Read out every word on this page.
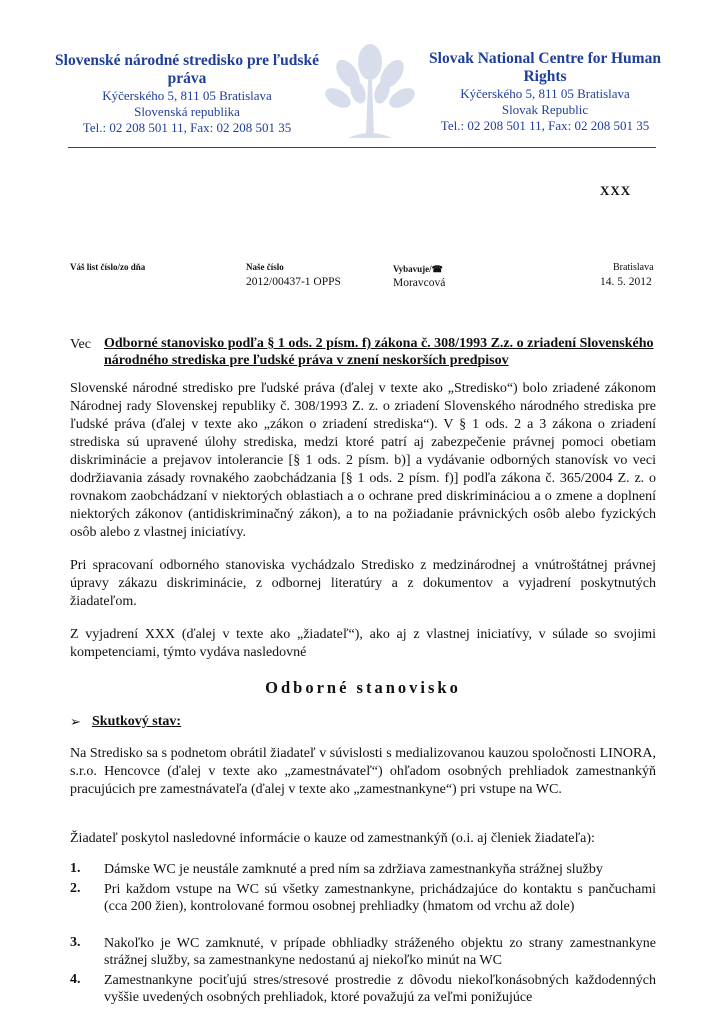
Slovenské národné stredisko pre ľudské práva
Kýčerského 5, 811 05 Bratislava
Slovenská republika
Tel.: 02 208 501 11, Fax: 02 208 501 35
Slovak National Centre for Human Rights
Kýčerského 5, 811 05 Bratislava
Slovak Republic
Tel.: 02 208 501 11, Fax: 02 208 501 35
XXX
Váš list číslo/zo dňa	Naše číslo
2012/00437-1 OPPS
Vybavuje/☎
Moravcová
Bratislava
14. 5. 2012
Vec Odborné stanovisko podľa § 1 ods. 2 písm. f) zákona č. 308/1993 Z.z. o zriadení Slovenského národného strediska pre ľudské práva v znení neskorších predpisov
Slovenské národné stredisko pre ľudské práva (ďalej v texte ako „Stredisko“) bolo zriadené zákonom Národnej rady Slovenskej republiky č. 308/1993 Z. z. o zriadení Slovenského národného strediska pre ľudské práva (ďalej v texte ako „zákon o zriadení strediska“). V § 1 ods. 2 a 3 zákona o zriadení strediska sú upravené úlohy strediska, medzi ktoré patrí aj zabezpečenie právnej pomoci obetiam diskriminácie a prejavov intolerancie [§ 1 ods. 2 písm. b)] a vydávanie odborných stanovísk vo veci dodržiavania zásady rovnakého zaobchádzania [§ 1 ods. 2 písm. f)] podľa zákona č. 365/2004 Z. z. o rovnakom zaobchádzaní v niektorých oblastiach a o ochrane pred diskrimináciou a o zmene a doplnení niektorých zákonov (antidiskriminačný zákon), a to na požiadanie právnických osôb alebo fyzických osôb alebo z vlastnej iniciatívy.
Pri spracovaní odborného stanoviska vychádzalo Stredisko z medzinárodnej a vnútroštátnej právnej úpravy zákazu diskriminácie, z odbornej literatúry a z dokumentov a vyjadrení poskytnutých žiadateľom.
Z vyjadrení XXX (ďalej v texte ako „žiadateľ“), ako aj z vlastnej iniciatívy, v súlade so svojimi kompetenciami, týmto vydáva nasledovné
Odborné stanovisko
➢ Skutkový stav:
Na Stredisko sa s podnetom obrátil žiadateľ v súvislosti s medializovanou kauzou spoločnosti LINORA, s.r.o. Hencovce (ďalej v texte ako „zamestnávateľ“) ohľadom osobných prehliadok zamestnankýň pracujúcich pre zamestnávateľa (ďalej v texte ako „zamestnankyne“) pri vstupe na WC.
Žiadateľ poskytol nasledovné informácie o kauze od zamestnankýň (o.i. aj členiek žiadateľa):
1. Dámske WC je neustále zamknuté a pred ním sa zdržiava zamestnankyňa strážnej služby
2. Pri každom vstupe na WC sú všetky zamestnankyne, prichádzajúce do kontaktu s pančuchami (cca 200 žien), kontrolované formou osobnej prehliadky (hmatom od vrchu až dole)
3. Nakoľko je WC zamknuté, v prípade obhliadky stráženého objektu zo strany zamestnankyne strážnej služby, sa zamestnankyne nedostanú aj niekoľko minút na WC
4. Zamestnankyne pociťujú stres/stresové prostredie z dôvodu niekoľkonásobných každodenných vyššie uvedených osobných prehliadok, ktoré považujú za veľmi ponižujúce
